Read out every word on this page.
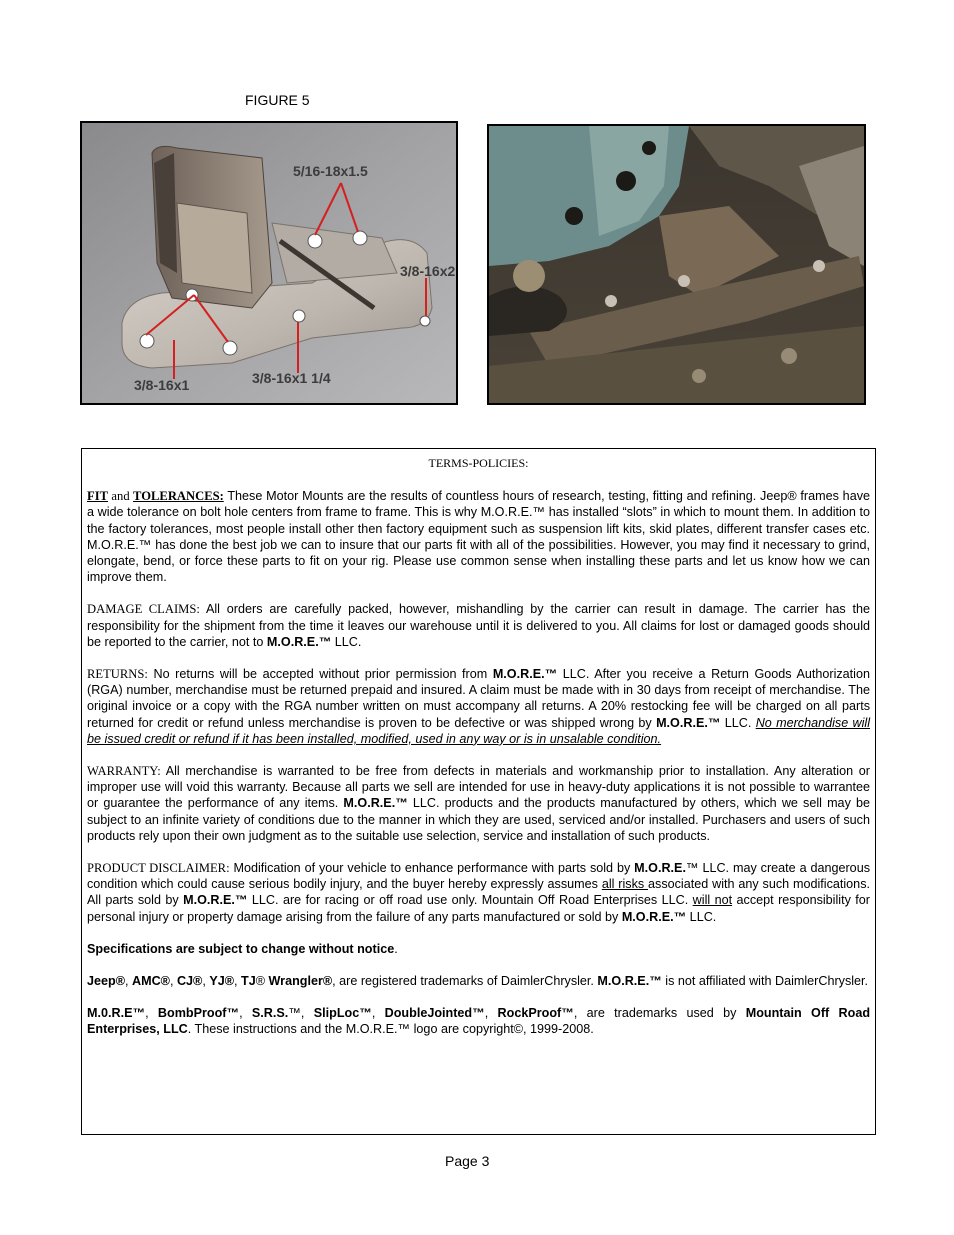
FIGURE 5
5/16-18x1.5
3/8-16x2
3/8-16x1	3/8-16x1 1/4
TERMS-POLICIES:

FIT and TOLERANCES: These Motor Mounts are the results of countless hours of research, testing, fitting and refining. Jeep® frames have a wide tolerance on bolt hole centers from frame to frame. This is why M.O.R.E.™ has installed “slots” in which to mount them. In addition to the factory tolerances, most people install other then factory equipment such as suspension lift kits, skid plates, different transfer cases etc. M.O.R.E.™ has done the best job we can to insure that our parts fit with all of the possibilities. However, you may find it necessary to grind, elongate, bend, or force these parts to fit on your rig. Please use common sense when installing these parts and let us know how we can improve them.

DAMAGE CLAIMS: All orders are carefully packed, however, mishandling by the carrier can result in damage. The carrier has the responsibility for the shipment from the time it leaves our warehouse until it is delivered to you. All claims for lost or damaged goods should be reported to the carrier, not to M.O.R.E.™ LLC.

RETURNS: No returns will be accepted without prior permission from M.O.R.E.™ LLC. After you receive a Return Goods Authorization (RGA) number, merchandise must be returned prepaid and insured. A claim must be made with in 30 days from receipt of merchandise. The original invoice or a copy with the RGA number written on must accompany all returns. A 20% restocking fee will be charged on all parts returned for credit or refund unless merchandise is proven to be defective or was shipped wrong by M.O.R.E.™ LLC. No merchandise will be issued credit or refund if it has been installed, modified, used in any way or is in unsalable condition.

WARRANTY: All merchandise is warranted to be free from defects in materials and workmanship prior to installation. Any alteration or improper use will void this warranty. Because all parts we sell are intended for use in heavy-duty applications it is not possible to warrantee or guarantee the performance of any items. M.O.R.E.™ LLC. products and the products manufactured by others, which we sell may be subject to an infinite variety of conditions due to the manner in which they are used, serviced and/or installed. Purchasers and users of such products rely upon their own judgment as to the suitable use selection, service and installation of such products.

PRODUCT DISCLAIMER: Modification of your vehicle to enhance performance with parts sold by M.O.R.E.™ LLC. may create a dangerous condition which could cause serious bodily injury, and the buyer hereby expressly assumes all risks associated with any such modifications. All parts sold by M.O.R.E.™ LLC. are for racing or off road use only. Mountain Off Road Enterprises LLC. will not accept responsibility for personal injury or property damage arising from the failure of any parts manufactured or sold by M.O.R.E.™ LLC.

Specifications are subject to change without notice.

Jeep®, AMC®, CJ®, YJ®, TJ® Wrangler®, are registered trademarks of DaimlerChrysler. M.O.R.E.™ is not affiliated with DaimlerChrysler.

M.0.R.E™, BombProof™, S.R.S.™, SlipLoc™, DoubleJointed™, RockProof™, are trademarks used by Mountain Off Road Enterprises, LLC. These instructions and the M.O.R.E.™ logo are copyright©, 1999-2008.

Page 3
